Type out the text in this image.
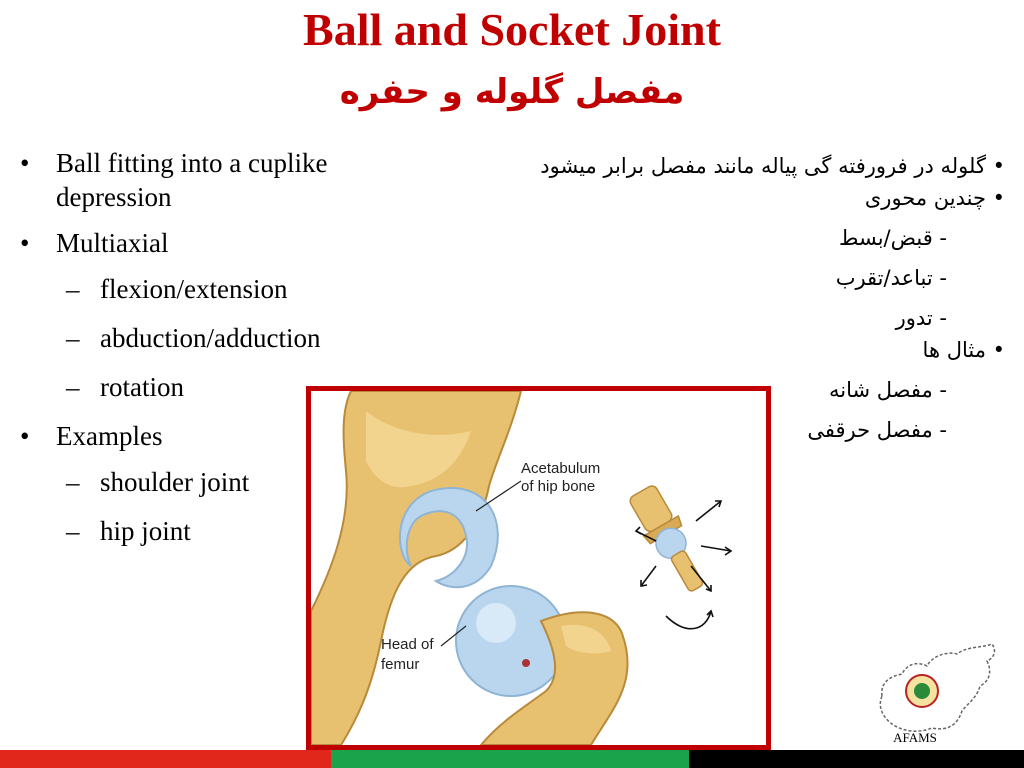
Ball and Socket Joint
مفصل گلوله و حفره
• Ball fitting into a cuplike depression
• Multiaxial
– flexion/extension
– abduction/adduction
– rotation
• Examples
– shoulder joint
– hip joint
• گلوله در فرورفته گی پیاله مانند مفصل برابر میشود
• چندین محوری
- قبض/بسط
- تباعد/تقرب
- تدور
• مثال ها
- مفصل شانه
- مفصل حرقفی
Acetabulum
of hip bone
Head of
femur
AFAMS
